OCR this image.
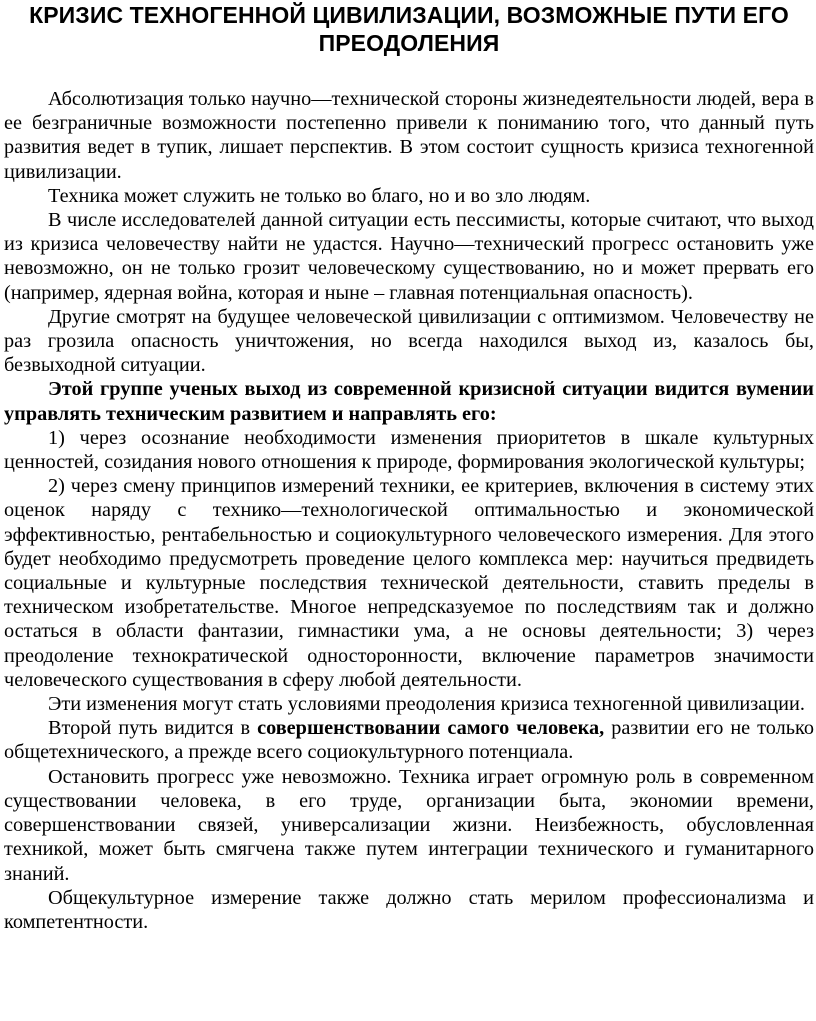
КРИЗИС ТЕХНОГЕННОЙ ЦИВИЛИЗАЦИИ, ВОЗМОЖНЫЕ ПУТИ ЕГО ПРЕОДОЛЕНИЯ

Абсолютизация только научно—технической стороны жизнедеятельности людей, вера в ее безграничные возможности постепенно привели к пониманию того, что данный путь развития ведет в тупик, лишает перспектив. В этом состоит сущность кризиса техногенной цивилизации.

Техника может служить не только во благо, но и во зло людям.

В числе исследователей данной ситуации есть пессимисты, которые считают, что выход из кризиса человечеству найти не удастся. Научно—технический прогресс остановить уже невозможно, он не только грозит человеческому существованию, но и может прервать его (например, ядерная война, которая и ныне – главная потенциальная опасность).

Другие смотрят на будущее человеческой цивилизации с оптимизмом. Человечеству не раз грозила опасность уничтожения, но всегда находился выход из, казалось бы, безвыходной ситуации.

Этой группе ученых выход из современной кризисной ситуации видится вумении управлять техническим развитием и направлять его:

1) через осознание необходимости изменения приоритетов в шкале культурных ценностей, созидания нового отношения к природе, формирования экологической культуры;

2) через смену принципов измерений техники, ее критериев, включения в систему этих оценок наряду с технико—технологической оптимальностью и экономической эффективностью, рентабельностью и социокультурного человеческого измерения. Для этого будет необходимо предусмотреть проведение целого комплекса мер: научиться предвидеть социальные и культурные последствия технической деятельности, ставить пределы в техническом изобретательстве. Многое непредсказуемое по последствиям так и должно остаться в области фантазии, гимнастики ума, а не основы деятельности; 3) через преодоление технократической односторонности, включение параметров значимости человеческого существования в сферу любой деятельности.

Эти изменения могут стать условиями преодоления кризиса техногенной цивилизации.

Второй путь видится в совершенствовании самого человека, развитии его не только общетехнического, а прежде всего социокультурного потенциала.

Остановить прогресс уже невозможно. Техника играет огромную роль в современном существовании человека, в его труде, организации быта, экономии времени, совершенствовании связей, универсализации жизни. Неизбежность, обусловленная техникой, может быть смягчена также путем интеграции технического и гуманитарного знаний.

Общекультурное измерение также должно стать мерилом профессионализма и компетентности.
